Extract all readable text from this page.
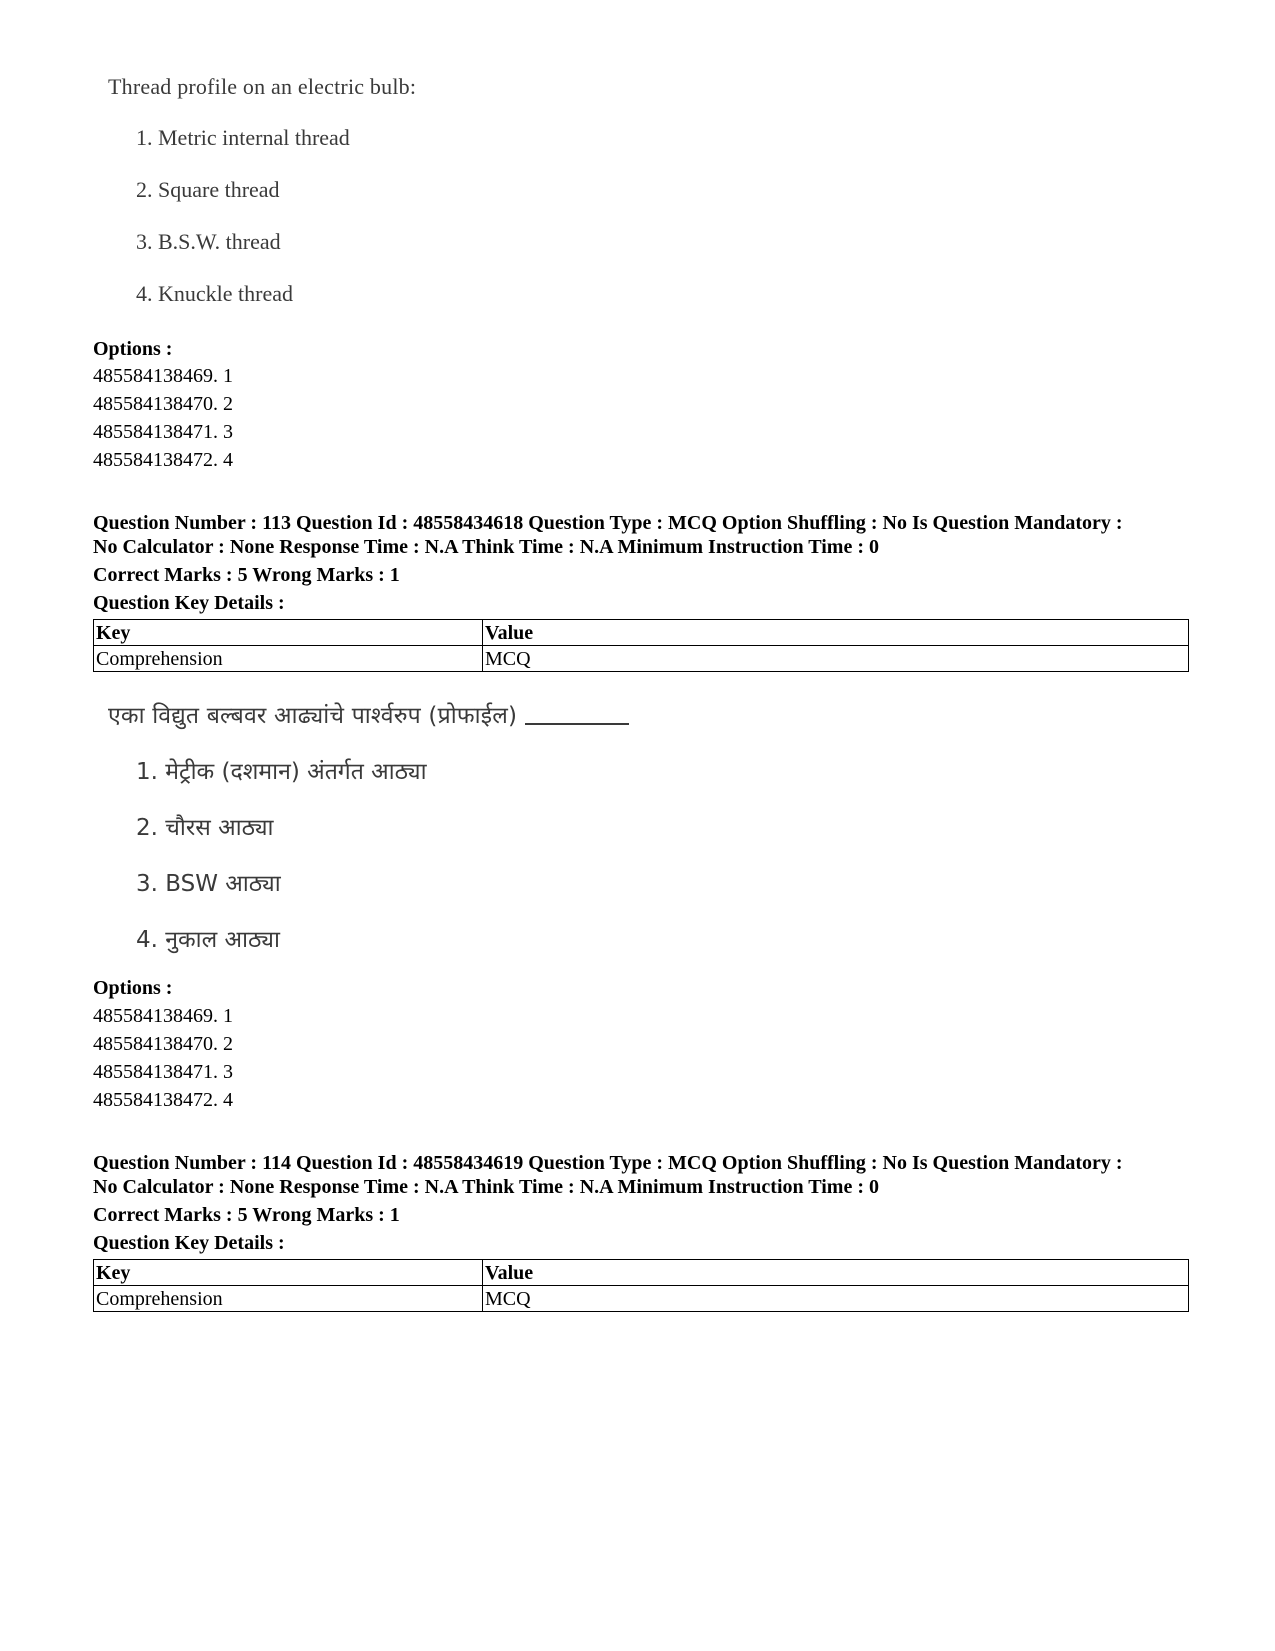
Thread profile on an electric bulb:
1. Metric internal thread
2. Square thread
3. B.S.W. thread
4. Knuckle thread
Options :
485584138469. 1
485584138470. 2
485584138471. 3
485584138472. 4
Question Number : 113 Question Id : 48558434618 Question Type : MCQ Option Shuffling : No Is Question Mandatory :
No Calculator : None Response Time : N.A Think Time : N.A Minimum Instruction Time : 0
Correct Marks : 5 Wrong Marks : 1
Question Key Details :
Key	Value
Comprehension	MCQ
एका विद्युत बल्बवर आढ्यांचे पार्श्वरुप (प्रोफाईल)
1. मेट्रीक (दशमान) अंतर्गत आठ्या
2. चौरस आठ्या
3. BSW आठ्या
4. नुकाल आठ्या
Options :
485584138469. 1
485584138470. 2
485584138471. 3
485584138472. 4
Question Number : 114 Question Id : 48558434619 Question Type : MCQ Option Shuffling : No Is Question Mandatory :
No Calculator : None Response Time : N.A Think Time : N.A Minimum Instruction Time : 0
Correct Marks : 5 Wrong Marks : 1
Question Key Details :
Key	Value
Comprehension	MCQ
